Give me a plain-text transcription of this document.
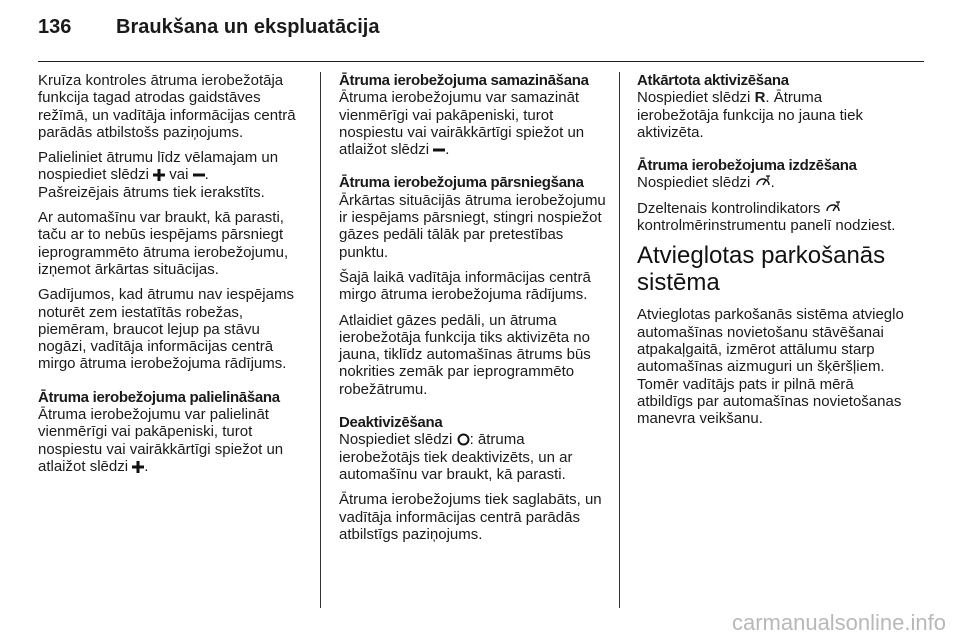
136	Braukšana un ekspluatācija

Kruīza kontroles ātruma ierobežotāja funkcija tagad atrodas gaidstāves režīmā, un vadītāja informācijas centrā parādās atbilstošs paziņojums.

Palieliniet ātrumu līdz vēlamajam un nospiediet slēdzi vai .
Pašreizējais ātrums tiek ierakstīts.

Ar automašīnu var braukt, kā parasti, taču ar to nebūs iespējams pārsniegt ieprogrammēto ātruma ierobežojumu, izņemot ārkārtas situācijas.

Gadījumos, kad ātrumu nav iespējams noturēt zem iestatītās robežas, piemēram, braucot lejup pa stāvu nogāzi, vadītāja informācijas centrā mirgo ātruma ierobežojuma rādījums.

Ātruma ierobežojuma palielināšana

Ātruma ierobežojumu var palielināt vienmērīgi vai pakāpeniski, turot nospiestu vai vairākkārtīgi spiežot un atlaižot slēdzi .

Ātruma ierobežojuma samazināšana

Ātruma ierobežojumu var samazināt vienmērīgi vai pakāpeniski, turot nospiestu vai vairākkārtīgi spiežot un atlaižot slēdzi .

Ātruma ierobežojuma pārsniegšana

Ārkārtas situācijās ātruma ierobežojumu ir iespējams pārsniegt, stingri nospiežot gāzes pedāli tālāk par pretestības punktu.

Šajā laikā vadītāja informācijas centrā mirgo ātruma ierobežojuma rādījums.

Atlaidiet gāzes pedāli, un ātruma ierobežotāja funkcija tiks aktivizēta no jauna, tiklīdz automašīnas ātrums būs nokrities zemāk par ieprogrammēto robežātrumu.

Deaktivizēšana

Nospiediet slēdzi : ātruma ierobežotājs tiek deaktivizēts, un ar automašīnu var braukt, kā parasti.

Ātruma ierobežojums tiek saglabāts, un vadītāja informācijas centrā parādās atbilstīgs paziņojums.

Atkārtota aktivizēšana

Nospiediet slēdzi R. Ātruma ierobežotāja funkcija no jauna tiek aktivizēta.

Ātruma ierobežojuma izdzēšana

Nospiediet slēdzi .

Dzeltenais kontrolindikators  kontrolmērinstrumentu panelī nodziest.

Atvieglotas parkošanās sistēma

Atvieglotas parkošanās sistēma atvieglo automašīnas novietošanu stāvēšanai atpakaļgaitā, izmērot attālumu starp automašīnas aizmuguri un šķēršļiem. Tomēr vadītājs pats ir pilnā mērā atbildīgs par automašīnas novietošanas manevra veikšanu.

carmanualsonline.info
